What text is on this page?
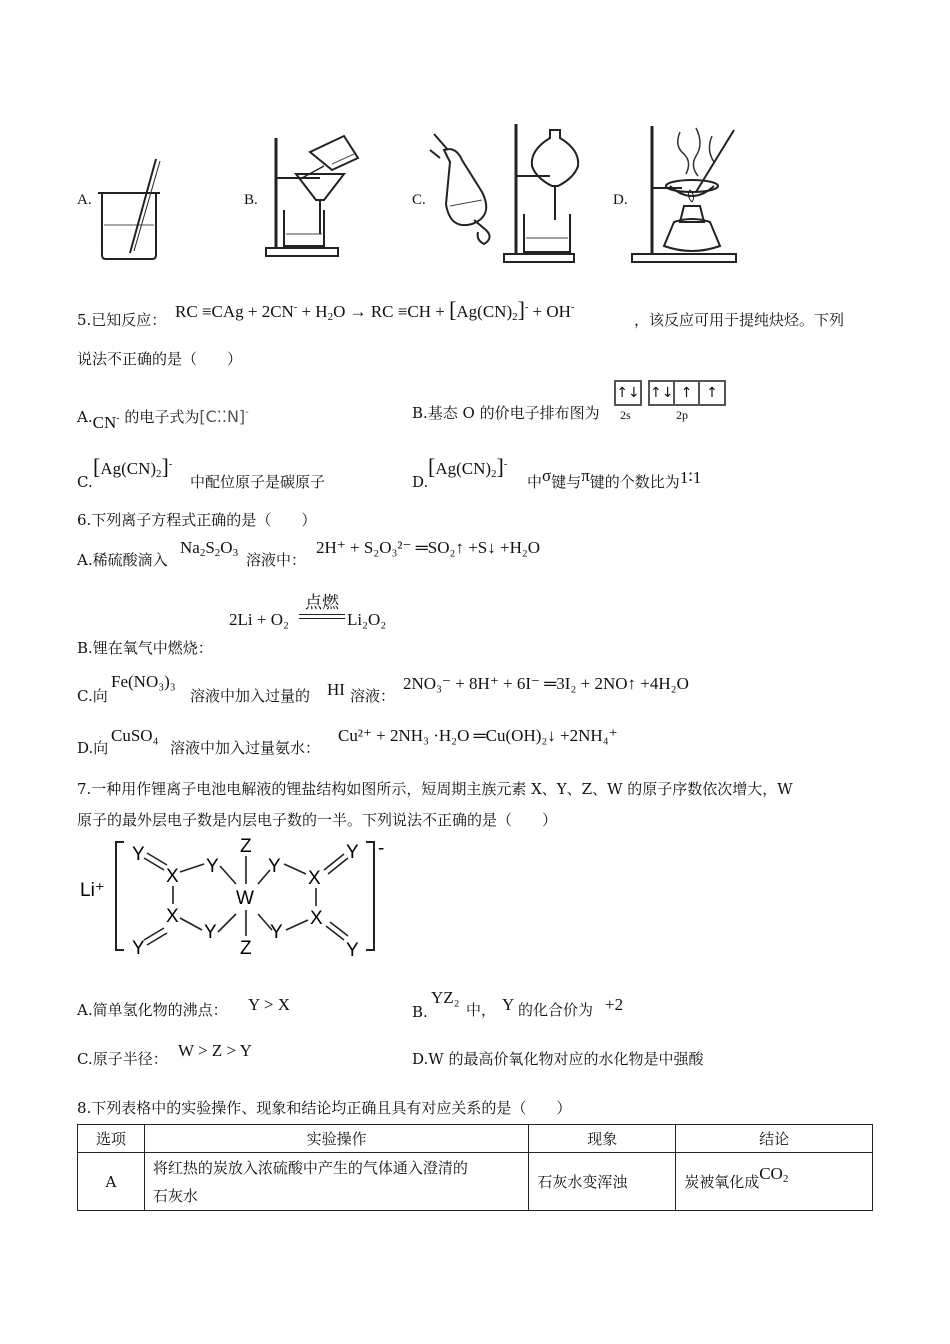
A.	B.	C.	D.
5.已知反应： RC $\equiv CAg + 2CN^- + H_2O$ → RC $\equiv CH + [Ag(CN)_2]^- + OH^-$
，该反应可用于提纯炔烃。下列
说法不正确的是（　　）
A.CN- 的电子式为[C⁚⁚N]-	B.基态 O 的价电子排布图为
↑↓ ↑↓ ↑ ↑
2s	2p
C.
$[Ag(CN)_2]^-$
中配位原子是碳原子	D.
$[Ag(CN)_2]^-$
中σ键与π键的个数比为1∶1
6.下列离子方程式正确的是（　　）
A.稀硫酸滴入
$Na_2S_2O_3$ 溶液中：
2H⁺ + S₂O₃²⁻ ═SO₂↑ +S↓ +H₂O
2Li + O₂
点燃
Li₂O₂
B.锂在氧气中燃烧：
C.向
Fe(NO₃)₃
溶液中加入过量的 HI 溶液：
2NO₃⁻ + 8H⁺ + 6I⁻ ═3I₂ + 2NO↑ +4H₂O
D.向
CuSO₄
溶液中加入过量氨水：
Cu²⁺ + 2NH₃ ·H₂O ═Cu(OH)₂↓ +2NH₄⁺
7.一种用作锂离子电池电解液的锂盐结构如图所示，短周期主族元素 X、Y、Z、W 的原子序数依次增大，W
原子的最外层电子数是内层电子数的一半。下列说法不正确的是（　　）
Li⁺
-
Y
X
X
Y
Y
Y
Z
W
Z
Y
Y
X
X
Y
Y
A.简单氢化物的沸点： Y > X	B.
YZ₂
中， Y 的化合价为 +2
C.原子半径： W > Z > Y	D.W 的最高价氧化物对应的水化物是中强酸
8.下列表格中的实验操作、现象和结论均正确且具有对应关系的是（　　）
选项	实验操作	现象	结论
A	将红热的炭放入浓硫酸中产生的气体通入澄清的
石灰水	石灰水变浑浊	炭被氧化成$CO_2$
